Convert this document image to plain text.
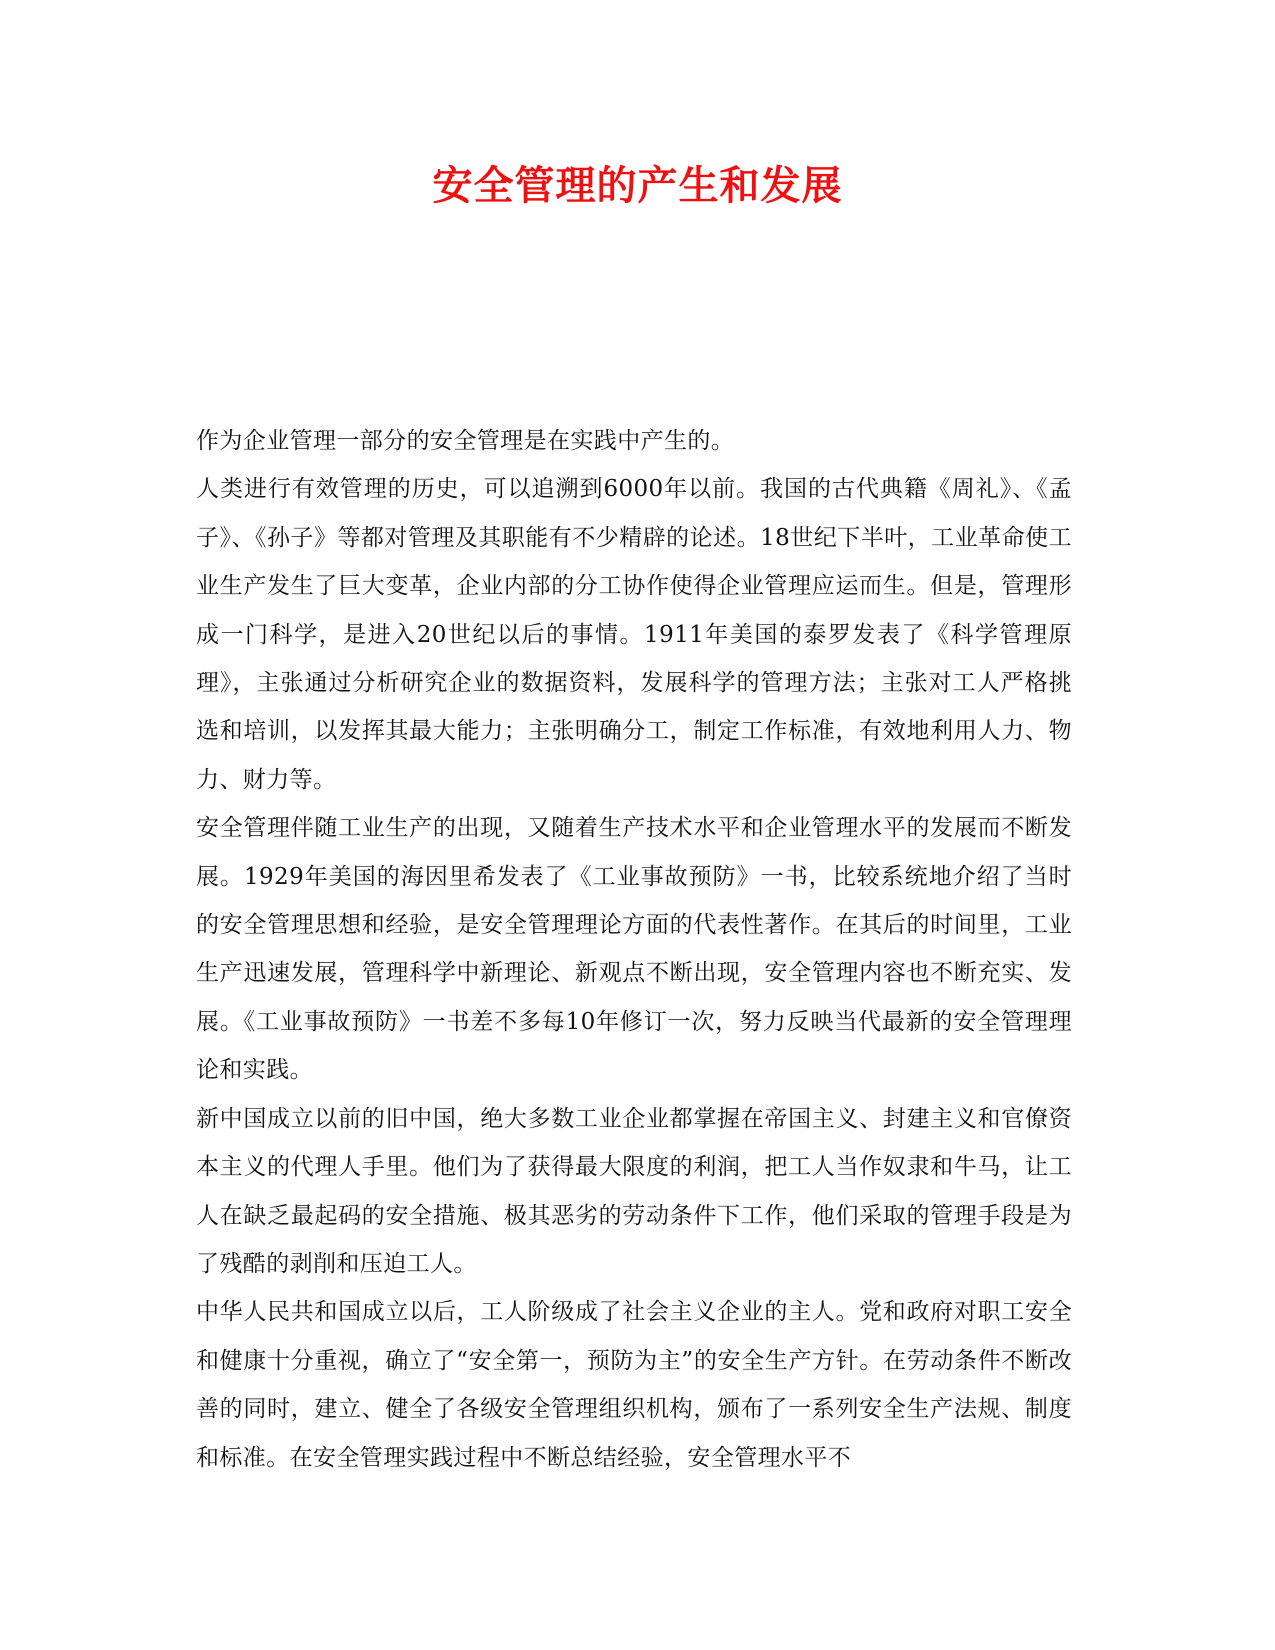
安全管理的产生和发展

作为企业管理一部分的安全管理是在实践中产生的。

人类进行有效管理的历史，可以追溯到6000年以前。我国的古代典籍《周礼》、《孟子》、《孙子》等都对管理及其职能有不少精辟的论述。18世纪下半叶，工业革命使工业生产发生了巨大变革，企业内部的分工协作使得企业管理应运而生。但是，管理形成一门科学，是进入20世纪以后的事情。1911年美国的泰罗发表了《科学管理原理》，主张通过分析研究企业的数据资料，发展科学的管理方法；主张对工人严格挑选和培训，以发挥其最大能力；主张明确分工，制定工作标准，有效地利用人力、物力、财力等。

安全管理伴随工业生产的出现，又随着生产技术水平和企业管理水平的发展而不断发展。1929年美国的海因里希发表了《工业事故预防》一书，比较系统地介绍了当时的安全管理思想和经验，是安全管理理论方面的代表性著作。在其后的时间里，工业生产迅速发展，管理科学中新理论、新观点不断出现，安全管理内容也不断充实、发展。《工业事故预防》一书差不多每10年修订一次，努力反映当代最新的安全管理理论和实践。

新中国成立以前的旧中国，绝大多数工业企业都掌握在帝国主义、封建主义和官僚资本主义的代理人手里。他们为了获得最大限度的利润，把工人当作奴隶和牛马，让工人在缺乏最起码的安全措施、极其恶劣的劳动条件下工作，他们采取的管理手段是为了残酷的剥削和压迫工人。

中华人民共和国成立以后，工人阶级成了社会主义企业的主人。党和政府对职工安全和健康十分重视，确立了“安全第一，预防为主”的安全生产方针。在劳动条件不断改善的同时，建立、健全了各级安全管理组织机构，颁布了一系列安全生产法规、制度和标准。在安全管理实践过程中不断总结经验，安全管理水平不
